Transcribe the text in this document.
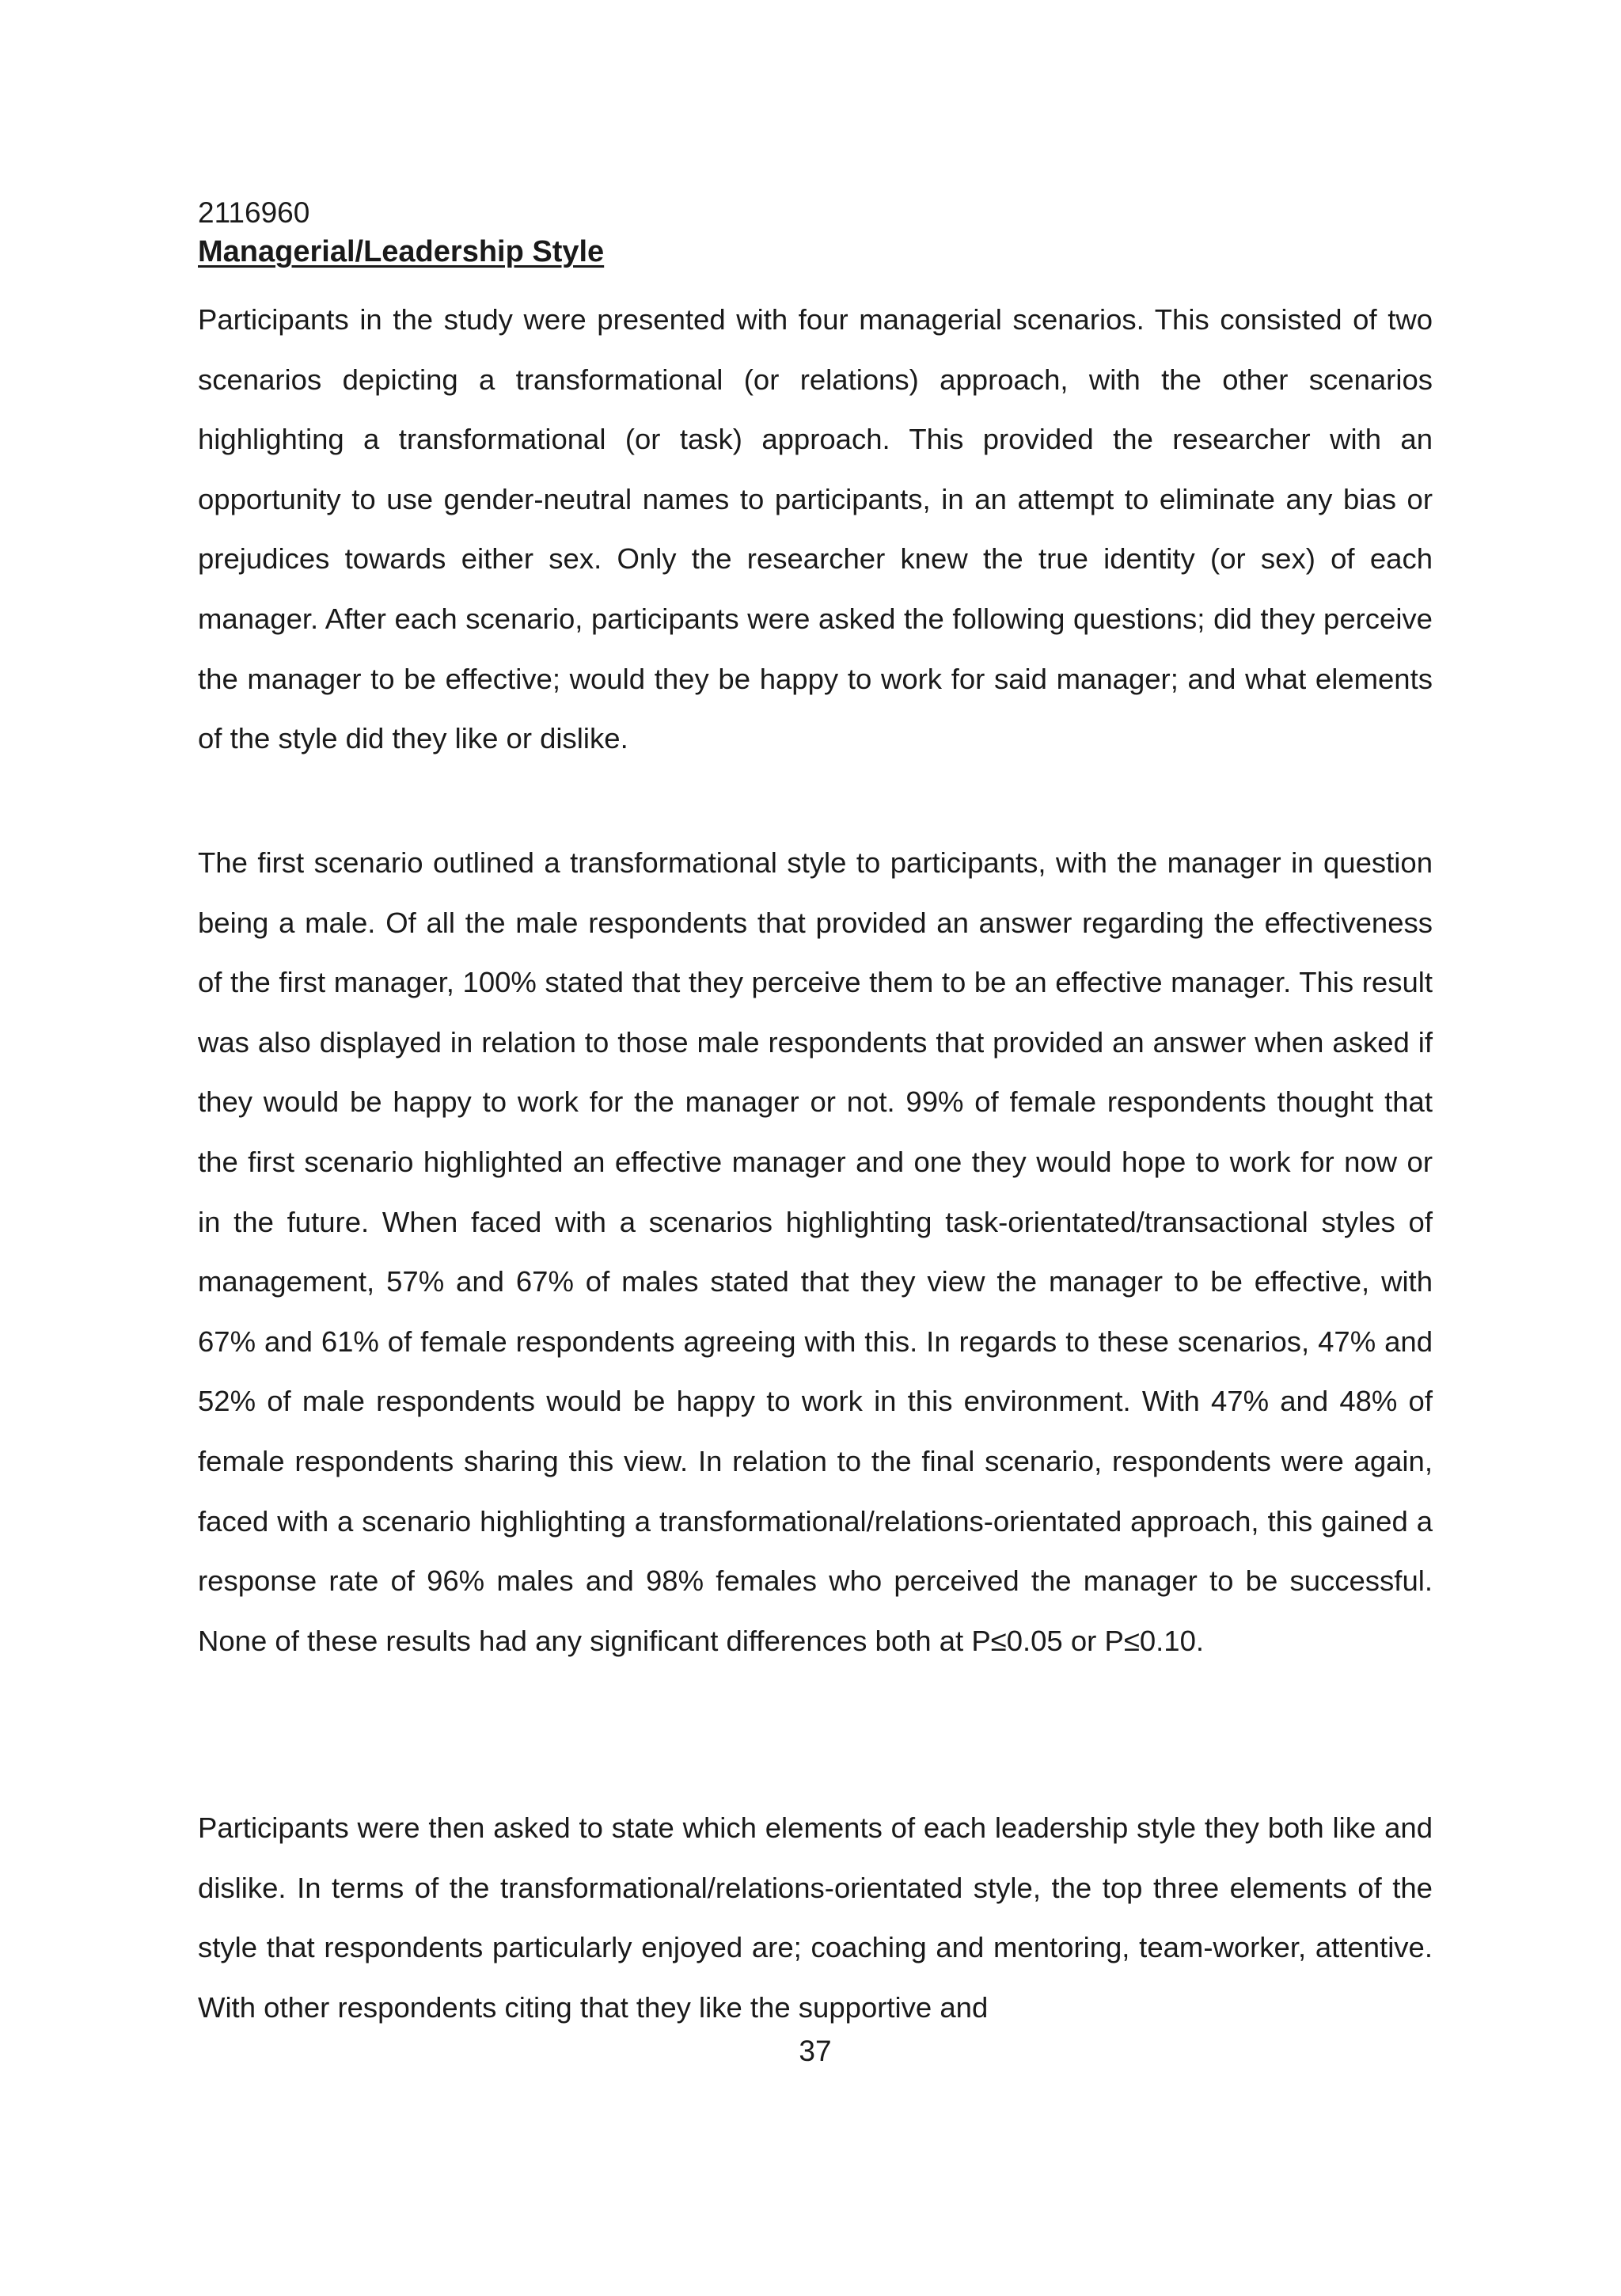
2116960
Managerial/Leadership Style

Participants in the study were presented with four managerial scenarios. This consisted of two scenarios depicting a transformational (or relations) approach, with the other scenarios highlighting a transformational (or task) approach. This provided the researcher with an opportunity to use gender-neutral names to participants, in an attempt to eliminate any bias or prejudices towards either sex. Only the researcher knew the true identity (or sex) of each manager. After each scenario, participants were asked the following questions; did they perceive the manager to be effective; would they be happy to work for said manager; and what elements of the style did they like or dislike.

The first scenario outlined a transformational style to participants, with the manager in question being a male. Of all the male respondents that provided an answer regarding the effectiveness of the first manager, 100% stated that they perceive them to be an effective manager. This result was also displayed in relation to those male respondents that provided an answer when asked if they would be happy to work for the manager or not. 99% of female respondents thought that the first scenario highlighted an effective manager and one they would hope to work for now or in the future. When faced with a scenarios highlighting task-orientated/transactional styles of management, 57% and 67% of males stated that they view the manager to be effective, with 67% and 61% of female respondents agreeing with this. In regards to these scenarios, 47% and 52% of male respondents would be happy to work in this environment. With 47% and 48% of female respondents sharing this view. In relation to the final scenario, respondents were again, faced with a scenario highlighting a transformational/relations-orientated approach, this gained a response rate of 96% males and 98% females who perceived the manager to be successful. None of these results had any significant differences both at P≤0.05 or P≤0.10.

Participants were then asked to state which elements of each leadership style they both like and dislike. In terms of the transformational/relations-orientated style, the top three elements of the style that respondents particularly enjoyed are; coaching and mentoring, team-worker, attentive. With other respondents citing that they like the supportive and

37
